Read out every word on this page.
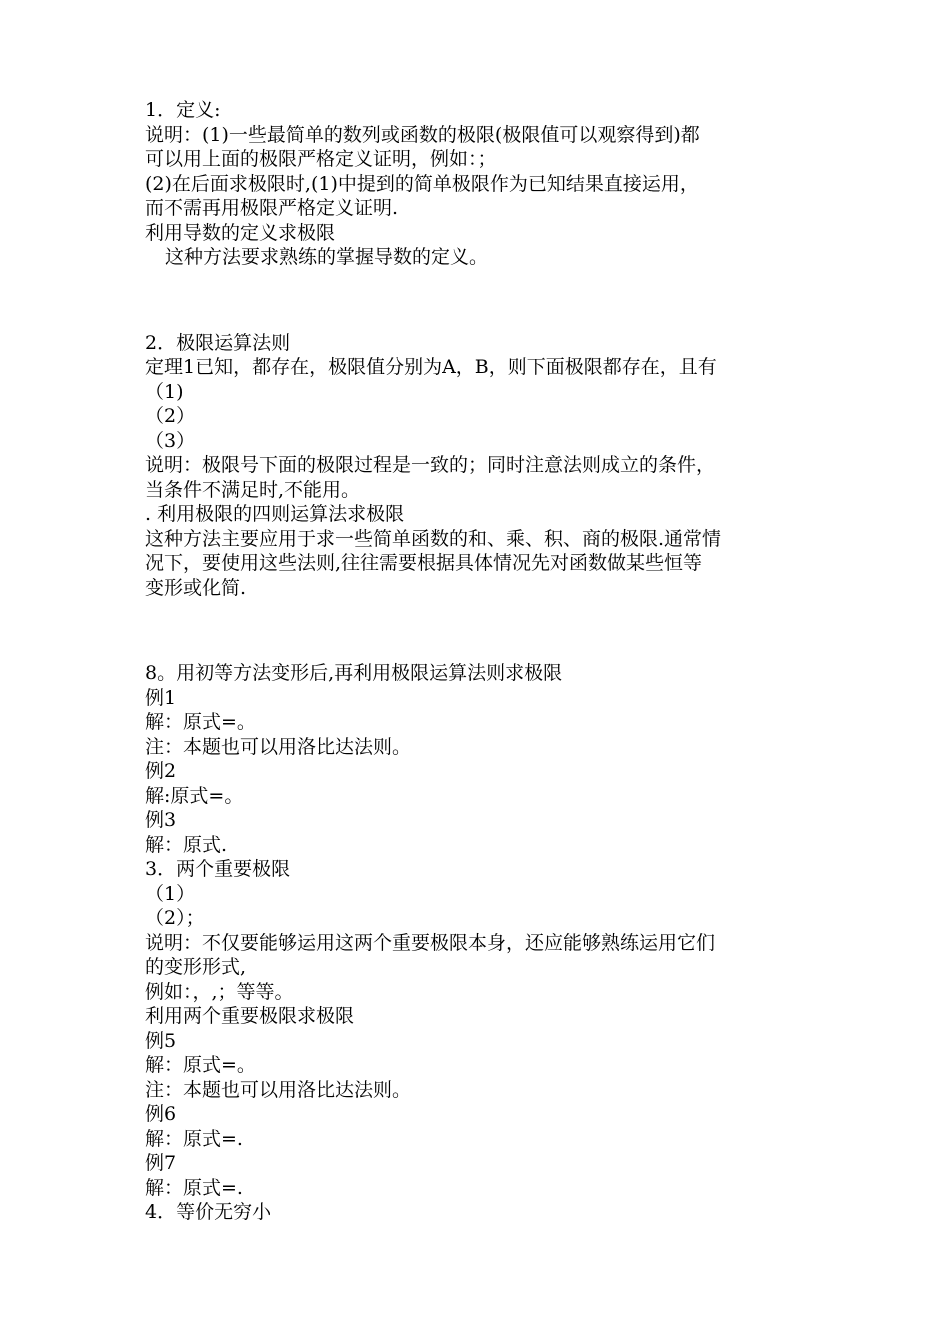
1．定义:
说明：(1)一些最简单的数列或函数的极限(极限值可以观察得到)都
可以用上面的极限严格定义证明，例如：；
(2)在后面求极限时,(1)中提到的简单极限作为已知结果直接运用，
而不需再用极限严格定义证明.
利用导数的定义求极限
这种方法要求熟练的掌握导数的定义。
2．极限运算法则
定理1已知，都存在，极限值分别为A，B，则下面极限都存在，且有
（1)
（2）
（3）
说明：极限号下面的极限过程是一致的；同时注意法则成立的条件，
当条件不满足时,不能用。
. 利用极限的四则运算法求极限
这种方法主要应用于求一些简单函数的和、乘、积、商的极限.通常情
况下，要使用这些法则,往往需要根据具体情况先对函数做某些恒等
变形或化简.
8。用初等方法变形后,再利用极限运算法则求极限
例1
解：原式=。
注：本题也可以用洛比达法则。
例2
解:原式=。
例3
解：原式.
3．两个重要极限
（1）
（2）；
说明：不仅要能够运用这两个重要极限本身，还应能够熟练运用它们
的变形形式,
例如：，,；等等。
利用两个重要极限求极限
例5
解：原式=。
注：本题也可以用洛比达法则。
例6
解：原式=.
例7
解：原式=.
4．等价无穷小
